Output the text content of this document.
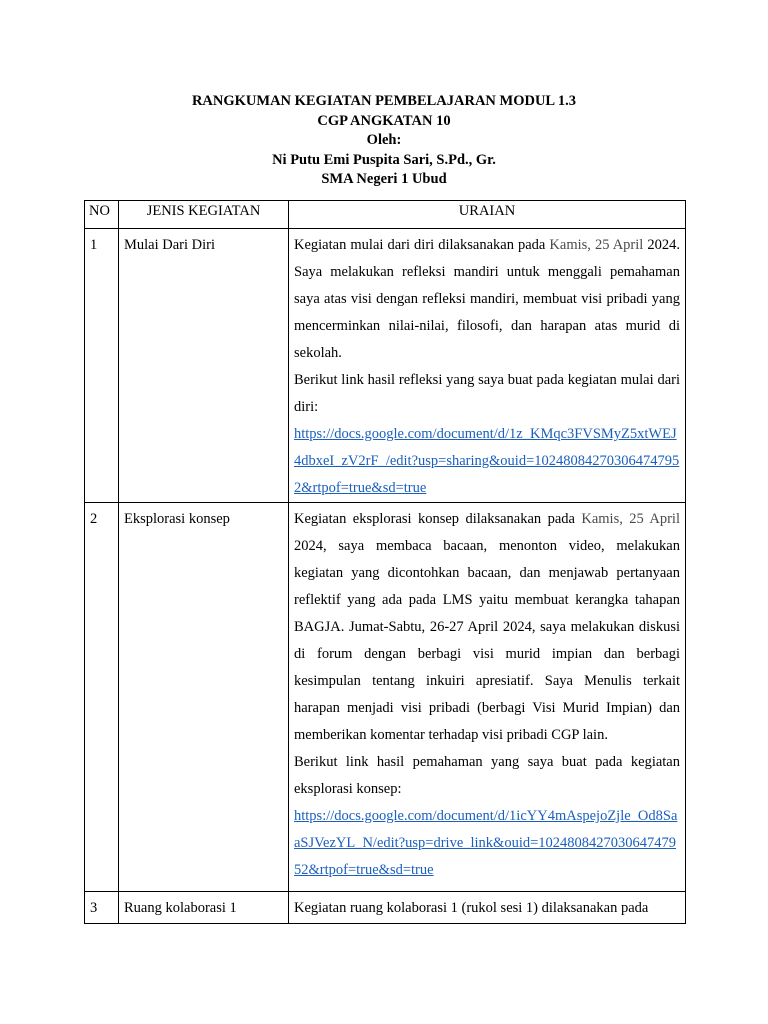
RANGKUMAN KEGIATAN PEMBELAJARAN MODUL 1.3
CGP ANGKATAN 10
Oleh:
Ni Putu Emi Puspita Sari, S.Pd., Gr.
SMA Negeri 1 Ubud
NO	JENIS KEGIATAN	URAIAN
1	Mulai Dari Diri	Kegiatan mulai dari diri dilaksanakan pada Kamis, 25 April 2024. Saya melakukan refleksi mandiri untuk menggali pemahaman saya atas visi dengan refleksi mandiri, membuat visi pribadi yang mencerminkan nilai-nilai, filosofi, dan harapan atas murid di sekolah.

Berikut link hasil refleksi yang saya buat pada kegiatan mulai dari diri:

https://docs.google.com/document/d/1z_KMqc3FVSMyZ5xtWEJ4dbxeI_zV2rF_/edit?usp=sharing&ouid=102480842703064747952&rtpof=true&sd=true

2	Eksplorasi konsep	Kegiatan eksplorasi konsep dilaksanakan pada Kamis, 25 April 2024, saya membaca bacaan, menonton video, melakukan kegiatan yang dicontohkan bacaan, dan menjawab pertanyaan reflektif yang ada pada LMS yaitu membuat kerangka tahapan BAGJA. Jumat-Sabtu, 26-27 April 2024, saya melakukan diskusi di forum dengan berbagi visi murid impian dan berbagi kesimpulan tentang inkuiri apresiatif. Saya Menulis terkait harapan menjadi visi pribadi (berbagi Visi Murid Impian) dan memberikan komentar terhadap visi pribadi CGP lain.

Berikut link hasil pemahaman yang saya buat pada kegiatan eksplorasi konsep:

https://docs.google.com/document/d/1icYY4mAspejoZjle_Od8SaaSJVezYL_N/edit?usp=drive_link&ouid=102480842703064747952&rtpof=true&sd=true

3	Ruang kolaborasi 1	Kegiatan ruang kolaborasi 1 (rukol sesi 1) dilaksanakan pada
